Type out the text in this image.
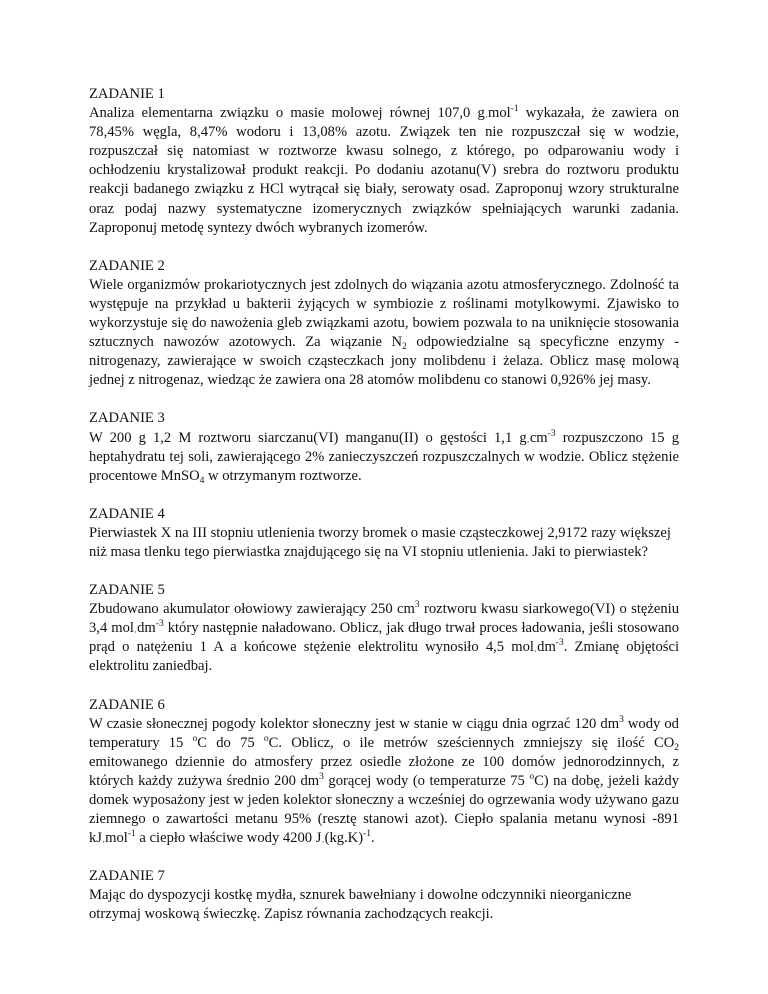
ZADANIE 1
Analiza elementarna związku o masie molowej równej 107,0 $g_\cdot mol^{-1}$ wykazała, że zawiera on 78,45% węgla, 8,47% wodoru i 13,08% azotu. Związek ten nie rozpuszczał się w wodzie, rozpuszczał się natomiast w roztworze kwasu solnego, z którego, po odparowaniu wody i ochłodzeniu krystalizował produkt reakcji. Po dodaniu azotanu(V) srebra do roztworu produktu reakcji badanego związku z HCl wytrącał się biały, serowaty osad. Zaproponuj wzory strukturalne oraz podaj nazwy systematyczne izomerycznych związków spełniających warunki zadania. Zaproponuj metodę syntezy dwóch wybranych izomerów.
ZADANIE 2
Wiele organizmów prokariotycznych jest zdolnych do wiązania azotu atmosferycznego. Zdolność ta występuje na przykład u bakterii żyjących w symbiozie z roślinami motylkowymi. Zjawisko to wykorzystuje się do nawożenia gleb związkami azotu, bowiem pozwala to na uniknięcie stosowania sztucznych nawozów azotowych. Za wiązanie $N_2$ odpowiedzialne są specyficzne enzymy - nitrogenazy, zawierające w swoich cząsteczkach jony molibdenu i żelaza. Oblicz masę molową jednej z nitrogenaz, wiedząc że zawiera ona 28 atomów molibdenu co stanowi 0,926% jej masy.
ZADANIE 3
W 200 g 1,2 M roztworu siarczanu(VI) manganu(II) o gęstości 1,1 $g_\cdot cm^{-3}$ rozpuszczono 15 g heptahydratu tej soli, zawierającego 2% zanieczyszczeń rozpuszczalnych w wodzie. Oblicz stężenie procentowe MnSO$_4$ w otrzymanym roztworze.
ZADANIE 4
Pierwiastek X na III stopniu utlenienia tworzy bromek o masie cząsteczkowej 2,9172 razy większej niż masa tlenku tego pierwiastka znajdującego się na VI stopniu utlenienia. Jaki to pierwiastek?
ZADANIE 5
Zbudowano akumulator ołowiowy zawierający 250 $cm^3$ roztworu kwasu siarkowego(VI) o stężeniu 3,4 $mol_\cdot dm^{-3}$ który następnie naładowano. Oblicz, jak długo trwał proces ładowania, jeśli stosowano prąd o natężeniu 1 A a końcowe stężenie elektrolitu wynosiło 4,5 $mol_\cdot dm^{-3}$. Zmianę objętości elektrolitu zaniedbaj.
ZADANIE 6
W czasie słonecznej pogody kolektor słoneczny jest w stanie w ciągu dnia ogrzać 120 $dm^3$ wody od temperatury 15 $^o$C do 75 $^o$C. Oblicz, o ile metrów sześciennych zmniejszy się ilość $CO_2$ emitowanego dziennie do atmosfery przez osiedle złożone ze 100 domów jednorodzinnych, z których każdy zużywa średnio 200 $dm^3$ gorącej wody (o temperaturze 75 $^o$C) na dobę, jeżeli każdy domek wyposażony jest w jeden kolektor słoneczny a wcześniej do ogrzewania wody używano gazu ziemnego o zawartości metanu 95% (resztę stanowi azot). Ciepło spalania metanu wynosi -891 $kJ_\cdot mol^{-1}$ a ciepło właściwe wody 4200 $J_\cdot(kg.K)^{-1}$.
ZADANIE 7
Mając do dyspozycji kostkę mydła, sznurek bawełniany i dowolne odczynniki nieorganiczne otrzymaj woskową świeczkę. Zapisz równania zachodzących reakcji.
